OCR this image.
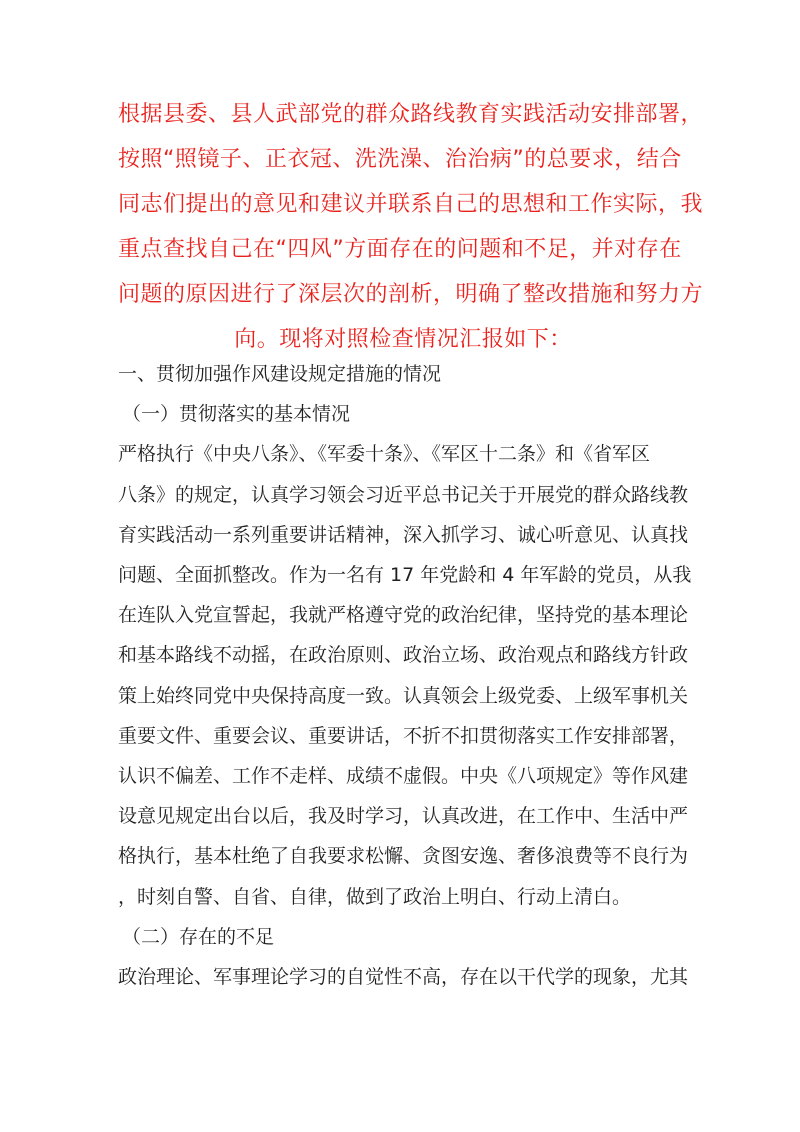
根据县委、县人武部党的群众路线教育实践活动安排部署，
按照“照镜子、正衣冠、洗洗澡、治治病”的总要求，结合
同志们提出的意见和建议并联系自己的思想和工作实际，我
重点查找自己在“四风”方面存在的问题和不足，并对存在
问题的原因进行了深层次的剖析，明确了整改措施和努力方
向。现将对照检查情况汇报如下：
一、贯彻加强作风建设规定措施的情况
（一）贯彻落实的基本情况
严格执行《中央八条》、《军委十条》、《军区十二条》和《省军区
八条》的规定，认真学习领会习近平总书记关于开展党的群众路线教
育实践活动一系列重要讲话精神，深入抓学习、诚心听意见、认真找
问题、全面抓整改。作为一名有 17 年党龄和 4 年军龄的党员，从我
在连队入党宣誓起，我就严格遵守党的政治纪律，坚持党的基本理论
和基本路线不动摇，在政治原则、政治立场、政治观点和路线方针政
策上始终同党中央保持高度一致。认真领会上级党委、上级军事机关
重要文件、重要会议、重要讲话，不折不扣贯彻落实工作安排部署，
认识不偏差、工作不走样、成绩不虚假。中央《八项规定》等作风建
设意见规定出台以后，我及时学习，认真改进，在工作中、生活中严
格执行，基本杜绝了自我要求松懈、贪图安逸、奢侈浪费等不良行为
，时刻自警、自省、自律，做到了政治上明白、行动上清白。
（二）存在的不足
政治理论、军事理论学习的自觉性不高，存在以干代学的现象，尤其
